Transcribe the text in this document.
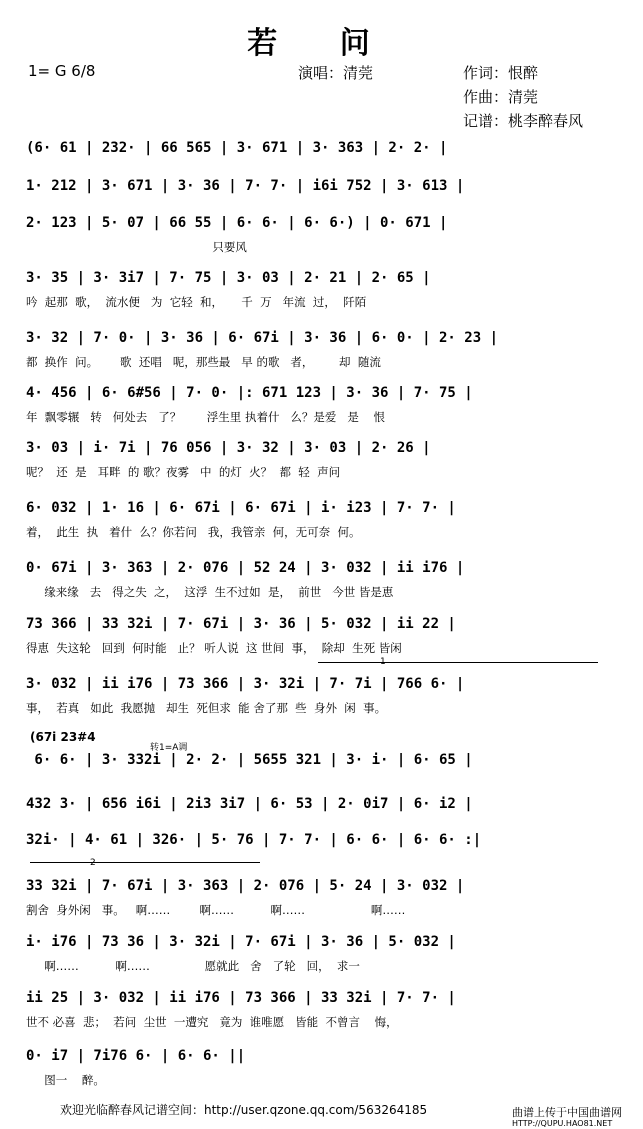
若 问
1= G 6/8	演唱：清莞	作词：恨醉
作曲：清莞
记谱：桃李醉春风
(6· 61 | 232· | 66 565 | 3· 671 | 3· 363 | 2· 2· |
1· 212 | 3· 671 | 3· 36 | 7· 7· | i6i 752 | 3· 613 |
2· 123 | 5· 07 | 66 55 | 6· 6· | 6· 6·) | 0· 671 |
只要风
3· 35 | 3· 3i7 | 7· 75 | 3· 03 | 2· 21 | 2· 65 |
吟  起那  歌，  流水便   为  它轻  和，     千  万   年流  过，  阡陌
3· 32 | 7· 0· | 3· 36 | 6· 67i | 3· 36 | 6· 0· | 2· 23 |
都  换作  问。      歌  还唱   呢，那些最   早 的歌   者，       却  随流
4· 456 | 6· 6#56 | 7· 0· |: 671 123 | 3· 36 | 7· 75 |
年  飘零辗   转   何处去   了？       浮生里 执着什   么？是爱   是    恨
3· 03 | i· 7i | 76 056 | 3· 32 | 3· 03 | 2· 26 |
呢？  还  是   耳畔  的 歌？夜雾   中  的灯  火？  都  轻  声问
6· 032 | 1· 16 | 6· 67i | 6· 67i | i· i23 | 7· 7· |
着，  此生  执   着什  么？你若问   我，我管亲  何，无可奈  何。
0· 67i | 3· 363 | 2· 076 | 52 24 | 3· 032 | ii i76 |
缘来缘   去   得之失  之，  这浮  生不过如  是，  前世   今世 皆是恵
73 366 | 33 32i | 7· 67i | 3· 36 | 5· 032 | ii 22 |
得恵  失这轮   回到  何时能   止？ 听人说  这 世间  事，  除却  生死 皆闲
3· 032 | ii i76 | 73 366 | 3· 32i | 7· 7i | 766 6· |
事，  若真   如此  我愿抛   却生  死但求  能 舍了那  些  身外  闲  事。
6· 6· | 3· 332i | 2· 2· | 5655 321 | 3· i· | 6· 65 |
432 3· | 656 i6i | 2i3 3i7 | 6· 53 | 2· 0i7 | 6· i2 |
32i· | 4· 61 | 326· | 5· 76 | 7· 7· | 6· 6· | 6· 6· :|
33 32i | 7· 67i | 3· 363 | 2· 076 | 5· 24 | 3· 032 |
割舍  身外闲   事。   啊……        啊……          啊……                  啊……
i· i76 | 73 36 | 3· 32i | 7· 67i | 3· 36 | 5· 032 |
啊……          啊……               愿就此   舍   了轮   回，  求一
ii 25 | 3· 032 | ii i76 | 73 366 | 33 32i | 7· 7· |
世不 必喜  悲；  若问  尘世  一遭究   竟为  谁唯愿   皆能  不曾言    悔，
0· i7 | 7i76 6· | 6· 6· ||
图一    醉。
(67i 23#4
转1=A调
1
2
欢迎光临醉春风记谱空间：http://user.qzone.qq.com/563264185	曲谱上传于中国曲谱网
HTTP://QUPU.HAO81.NET
